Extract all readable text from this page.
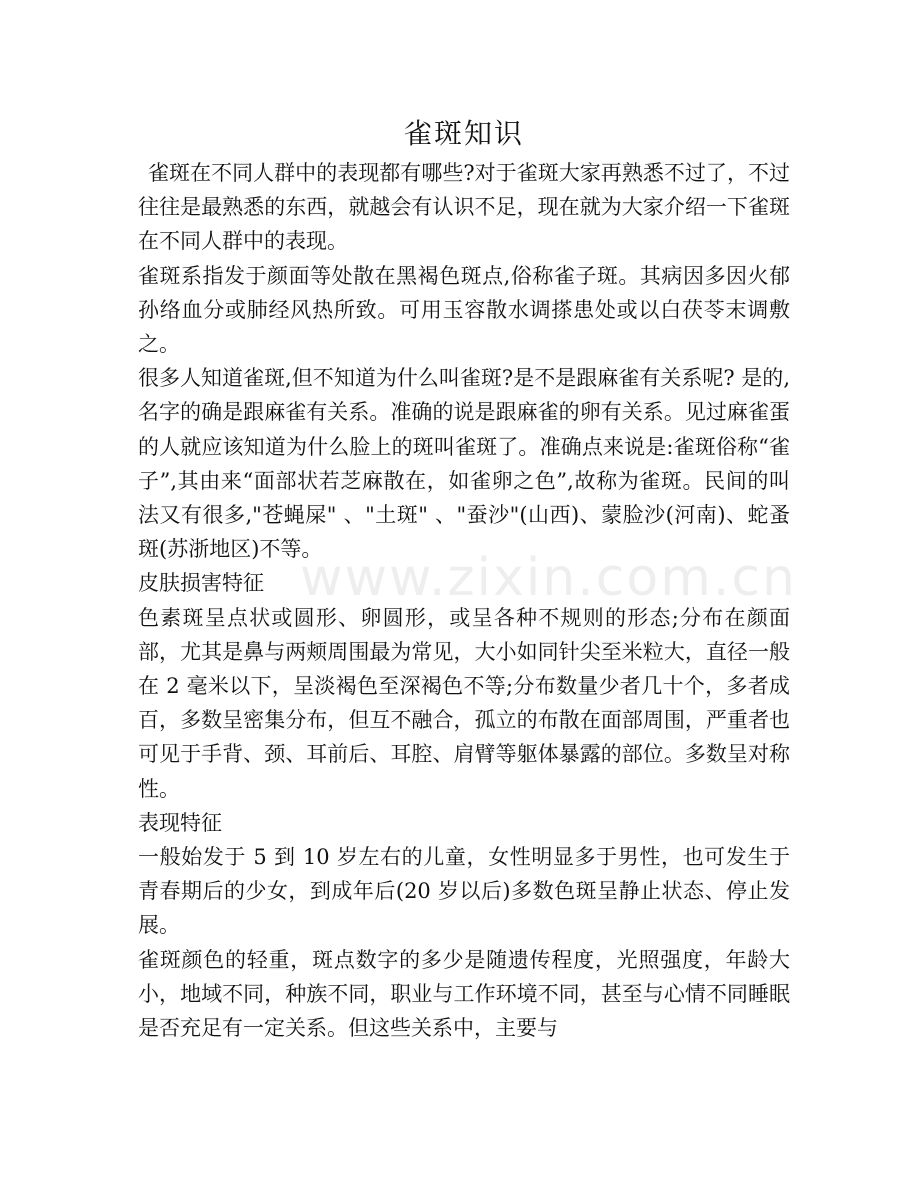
雀斑知识

雀斑在不同人群中的表现都有哪些?对于雀斑大家再熟悉不过了，不过往往是最熟悉的东西，就越会有认识不足，现在就为大家介绍一下雀斑在不同人群中的表现。

雀斑系指发于颜面等处散在黑褐色斑点,俗称雀子斑。其病因多因火郁孙络血分或肺经风热所致。可用玉容散水调搽患处或以白茯苓末调敷之。

很多人知道雀斑,但不知道为什么叫雀斑?是不是跟麻雀有关系呢? 是的,名字的确是跟麻雀有关系。准确的说是跟麻雀的卵有关系。见过麻雀蛋的人就应该知道为什么脸上的斑叫雀斑了。准确点来说是:雀斑俗称“雀子”,其由来“面部状若芝麻散在，如雀卵之色”,故称为雀斑。民间的叫法又有很多,"苍蝇屎" 、"土斑" 、"蚕沙"(山西)、蒙脸沙(河南)、蛇蚤斑(苏浙地区)不等。

皮肤损害特征

色素斑呈点状或圆形、卵圆形，或呈各种不规则的形态;分布在颜面部，尤其是鼻与两颊周围最为常见，大小如同针尖至米粒大，直径一般在 2 毫米以下，呈淡褐色至深褐色不等;分布数量少者几十个，多者成百，多数呈密集分布，但互不融合，孤立的布散在面部周围，严重者也可见于手背、颈、耳前后、耳腔、肩臂等躯体暴露的部位。多数呈对称性。

表现特征

一般始发于 5 到 10 岁左右的儿童，女性明显多于男性，也可发生于青春期后的少女，到成年后(20 岁以后)多数色斑呈静止状态、停止发展。

雀斑颜色的轻重，斑点数字的多少是随遗传程度，光照强度，年龄大小，地域不同，种族不同，职业与工作环境不同，甚至与心情不同睡眠是否充足有一定关系。但这些关系中，主要与

www.zixin.com.cn
